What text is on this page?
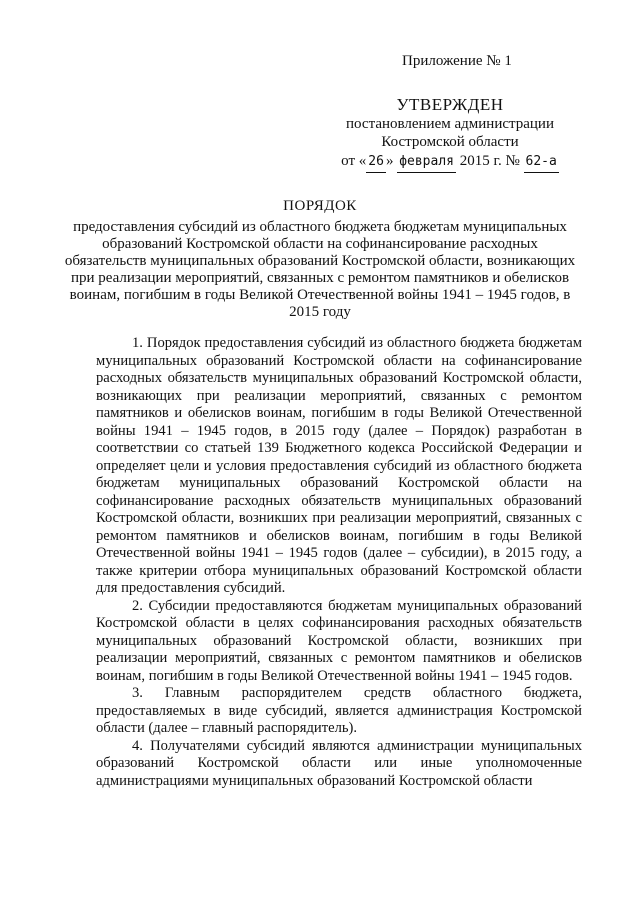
Приложение № 1
УТВЕРЖДЕН
постановлением администрации
Костромской области
от « 26 » февраля 2015 г. № 62-а
ПОРЯДОК
предоставления субсидий из областного бюджета бюджетам муниципальных образований Костромской области на софинансирование расходных обязательств муниципальных образований Костромской области, возникающих при реализации мероприятий, связанных с ремонтом памятников и обелисков воинам, погибшим в годы Великой Отечественной войны 1941 – 1945 годов, в 2015 году

1. Порядок предоставления субсидий из областного бюджета бюджетам муниципальных образований Костромской области на софинансирование расходных обязательств муниципальных образований Костромской области, возникающих при реализации мероприятий, связанных с ремонтом памятников и обелисков воинам, погибшим в годы Великой Отечественной войны 1941 – 1945 годов, в 2015 году (далее – Порядок) разработан в соответствии со статьей 139 Бюджетного кодекса Российской Федерации и определяет цели и условия предоставления субсидий из областного бюджета бюджетам муниципальных образований Костромской области на софинансирование расходных обязательств муниципальных образований Костромской области, возникших при реализации мероприятий, связанных с ремонтом памятников и обелисков воинам, погибшим в годы Великой Отечественной войны 1941 – 1945 годов (далее – субсидии), в 2015 году, а также критерии отбора муниципальных образований Костромской области для предоставления субсидий.

2. Субсидии предоставляются бюджетам муниципальных образований Костромской области в целях софинансирования расходных обязательств муниципальных образований Костромской области, возникших при реализации мероприятий, связанных с ремонтом памятников и обелисков воинам, погибшим в годы Великой Отечественной войны 1941 – 1945 годов.

3. Главным распорядителем средств областного бюджета, предоставляемых в виде субсидий, является администрация Костромской области (далее – главный распорядитель).

4. Получателями субсидий являются администрации муниципальных образований Костромской области или иные уполномоченные администрациями муниципальных образований Костромской области
